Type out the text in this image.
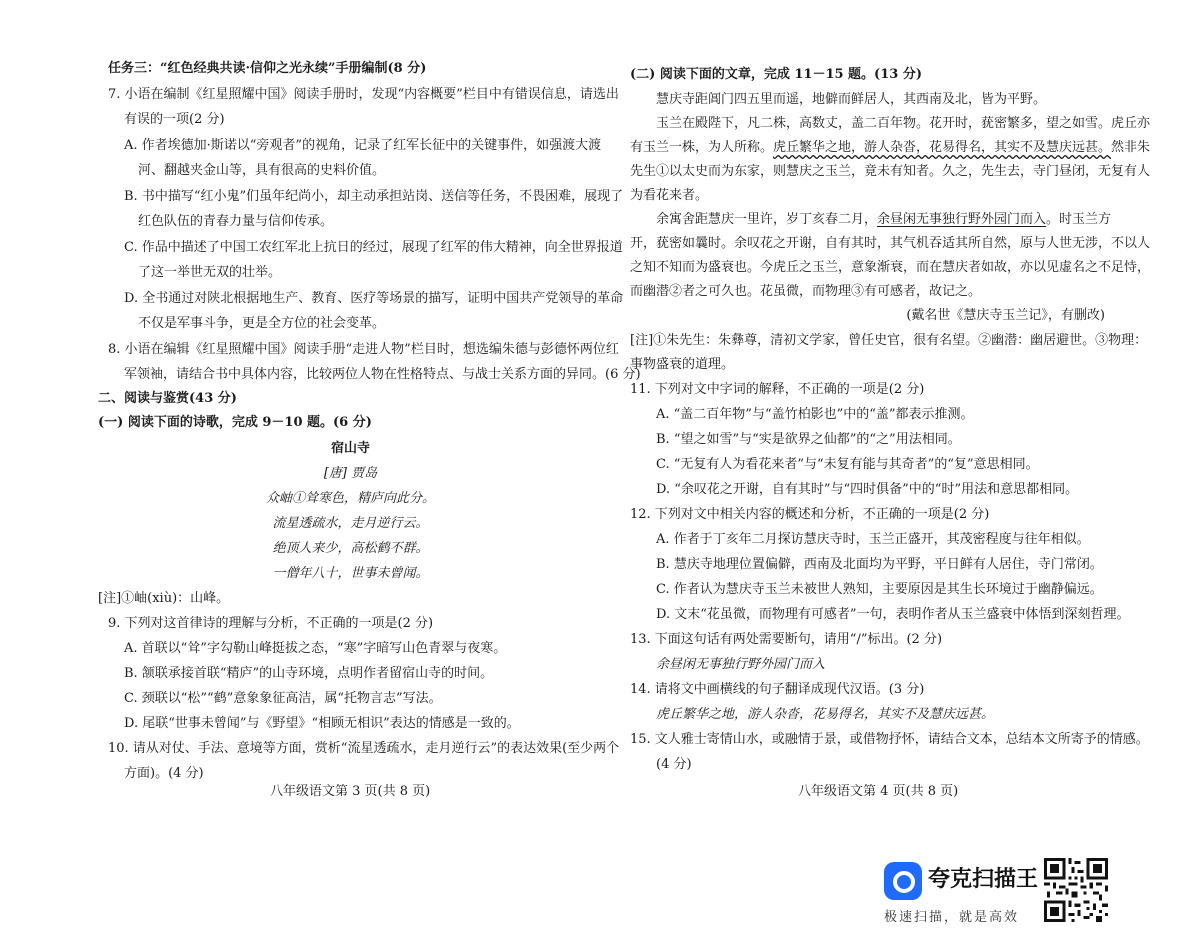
任务三：“红色经典共读·信仰之光永续”手册编制(8 分)
7. 小语在编制《红星照耀中国》阅读手册时，发现“内容概要”栏目中有错误信息，请选出
有误的一项(2 分)
A. 作者埃德加·斯诺以“旁观者”的视角，记录了红军长征中的关键事件，如强渡大渡
河、翻越夹金山等，具有很高的史料价值。
B. 书中描写“红小鬼”们虽年纪尚小，却主动承担站岗、送信等任务，不畏困难，展现了
红色队伍的青春力量与信仰传承。
C. 作品中描述了中国工农红军北上抗日的经过，展现了红军的伟大精神，向全世界报道
了这一举世无双的壮举。
D. 全书通过对陕北根据地生产、教育、医疗等场景的描写，证明中国共产党领导的革命
不仅是军事斗争，更是全方位的社会变革。
8. 小语在编辑《红星照耀中国》阅读手册“走进人物”栏目时，想选编朱德与彭德怀两位红
军领袖，请结合书中具体内容，比较两位人物在性格特点、与战士关系方面的异同。(6 分)
二、阅读与鉴赏(43 分)
(一) 阅读下面的诗歌，完成 9－10 题。(6 分)
宿山寺
[唐] 贾岛
众岫①耸寒色，精庐向此分。
流星透疏水，走月逆行云。
绝顶人来少，高松鹤不群。
一僧年八十，世事未曾闻。
[注]①岫(xiù)：山峰。
9. 下列对这首律诗的理解与分析，不正确的一项是(2 分)
A. 首联以“耸”字勾勒山峰挺拔之态，“寒”字暗写山色青翠与夜寒。
B. 颔联承接首联“精庐”的山寺环境，点明作者留宿山寺的时间。
C. 颈联以“松”“鹤”意象象征高洁，属“托物言志”写法。
D. 尾联“世事未曾闻”与《野望》“相顾无相识”表达的情感是一致的。
10. 请从对仗、手法、意境等方面，赏析“流星透疏水，走月逆行云”的表达效果(至少两个
方面)。(4 分)
八年级语文第 3 页(共 8 页)
(二) 阅读下面的文章，完成 11－15 题。(13 分)
慧庆寺距阊门四五里而遥，地僻而鲜居人，其西南及北，皆为平野。
玉兰在殿陛下，凡二株，高数丈，盖二百年物。花开时，莸密繁多，望之如雪。虎丘亦
有玉兰一株，为人所称。虎丘繁华之地，游人杂沓，花易得名，其实不及慧庆远甚。然非朱
先生①以太史而为东家，则慧庆之玉兰，竟未有知者。久之，先生去，寺门昼闭，无复有人
为看花来者。
余寓舍距慧庆一里许，岁丁亥春二月，余昼闲无事独行野外园门而入。时玉兰方
开，莸密如曩时。余叹花之开谢，自有其时，其气机吞适其所自然，原与人世无涉，不以人
之知不知而为盛衰也。今虎丘之玉兰，意象渐衰，而在慧庆者如故，亦以见虚名之不足恃，
而幽潜②者之可久也。花虽微，而物理③有可感者，故记之。
(戴名世《慧庆寺玉兰记》，有删改)
[注]①朱先生：朱彝尊，清初文学家，曾任史官，很有名望。②幽潜：幽居避世。③物理：
事物盛衰的道理。
11. 下列对文中字词的解释，不正确的一项是(2 分)
A. “盖二百年物”与“盖竹柏影也”中的“盖”都表示推测。
B. “望之如雪”与“实是欲界之仙都”的“之”用法相同。
C. “无复有人为看花来者”与“未复有能与其奇者”的“复”意思相同。
D. “余叹花之开谢，自有其时”与“四时俱备”中的“时”用法和意思都相同。
12. 下列对文中相关内容的概述和分析，不正确的一项是(2 分)
A. 作者于丁亥年二月探访慧庆寺时，玉兰正盛开，其茂密程度与往年相似。
B. 慧庆寺地理位置偏僻，西南及北面均为平野，平日鲜有人居住，寺门常闭。
C. 作者认为慧庆寺玉兰未被世人熟知，主要原因是其生长环境过于幽静偏远。
D. 文末“花虽微，而物理有可感者”一句，表明作者从玉兰盛衰中体悟到深刻哲理。
13. 下面这句话有两处需要断句，请用“/”标出。(2 分)
余昼闲无事独行野外园门而入
14. 请将文中画横线的句子翻译成现代汉语。(3 分)
虎丘繁华之地，游人杂沓，花易得名，其实不及慧庆远甚。
15. 文人雅士寄情山水，或融情于景，或借物抒怀，请结合文本，总结本文所寄予的情感。
(4 分)
八年级语文第 4 页(共 8 页)
夸克扫描王
极速扫描，就是高效
